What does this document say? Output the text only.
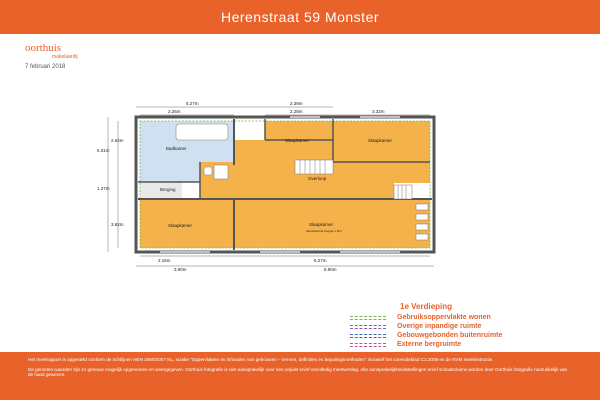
Herenstraat 59 Monster
oorthuis
makelaardij
7 februari 2018
5.27m	2.39m
2.26m	2.28m	3.32m
6.31m
2.64m
1.27m
3.62m
2.15m	6.27m
3.90m	6.90m
Badkamer
Slaapkamer	Slaapkamer
Overloop
Berging
Slaapkamer	Slaapkamer
(beschermde hoogte 1.5m)
1e Verdieping
Gebruiksoppervlakte wonen
Overige inpandige ruimte
Gebouwgebonden buitenruimte
Externe bergruimte

Het meetrapport is opgesteld conform de richtlijnen NEN 2580/2007 NL, inzake "Oppervlakten en inhouden van gebouwen – termen, definities en bepalingsmethoden" inclusief het correctieblad C1:2008 en de NVM meetinstructie.

De gemeten waarden zijn zo getrouw mogelijk opgenomen en weergegeven. Oorthuis fotografie is niet aansprakelijk voor een onjuist en/of onvolledig meetverslag. Alle aansprakelijkheidsstellingen en/of schadeclaims worden door Oorthuis fotografie nadrukkelijk van de hand gewezen.
